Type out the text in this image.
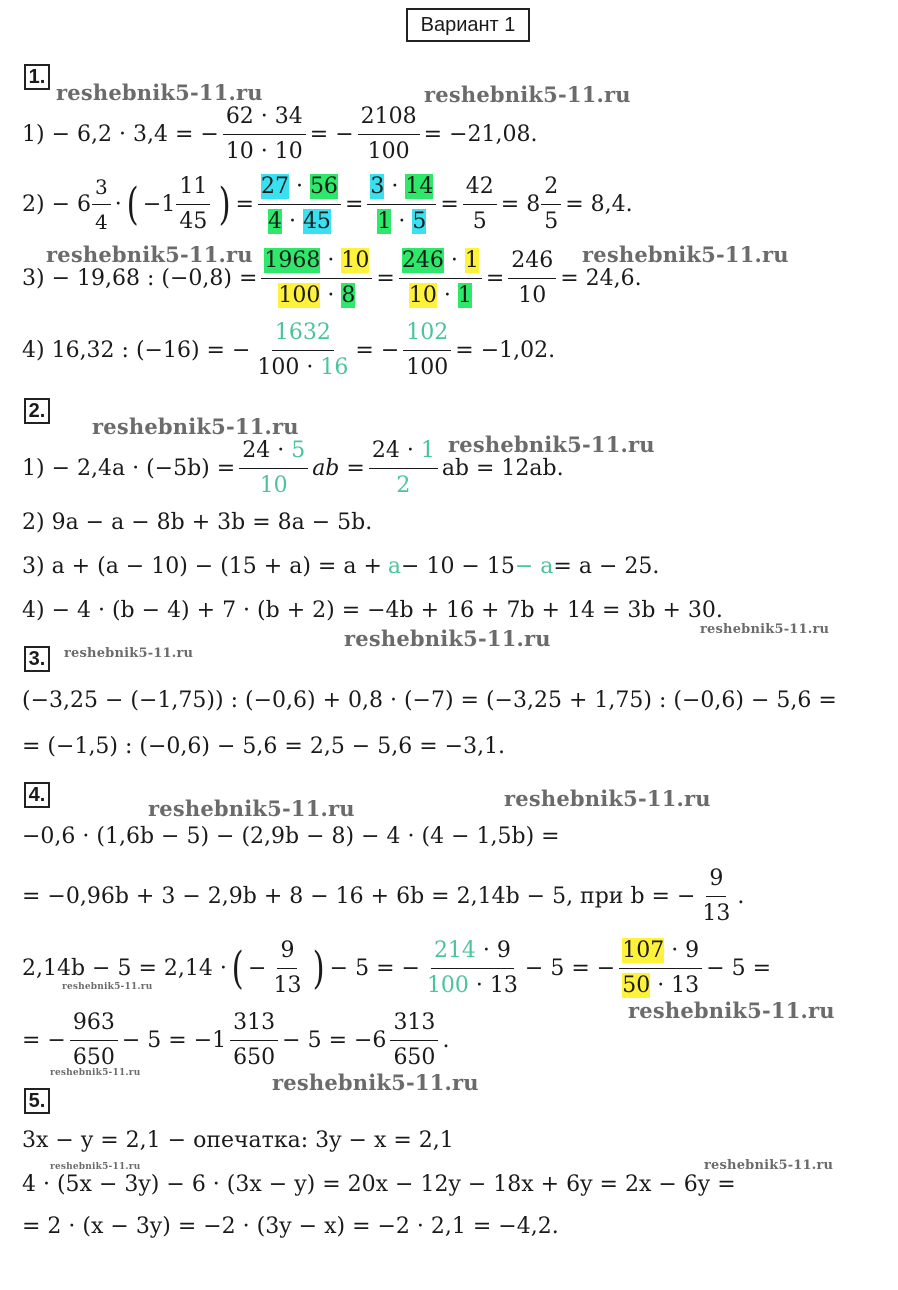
Вариант 1
1.
reshebnik5-11.ru	reshebnik5-11.ru
1) − 6,2 · 3,4 = − $\frac{62 \cdot 34}{10 \cdot 10}$ = − $\frac{2108}{100} = -21,08$.
$2) - 6 \frac{3}{4}$ · ( $-1 \frac{11}{45}$ ) = $\frac{27 \cdot 56}{4 \cdot 45} = \frac{3 \cdot 14}{1 \cdot 5} = \frac{42}{5}$ =
$8 \frac{2}{5} = 8,4$.
reshebnik5-11.ru	reshebnik5-11.ru
3) − 19,68 : $(-0,8) = \frac{1968 \cdot 10}{100 \cdot 8} = \frac{246 \cdot 1}{10 \cdot 1} = \frac{246}{10} = 24,6$.
4) 16,32 : (−16) = − $\frac{1632}{100 \cdot 16}$ = − $\frac{102}{100} = -1,02$.
2.
reshebnik5-11.ru
reshebnik5-11.ru
$1) - 2,4a \cdot (-5b) = \frac{24 \cdot 5}{10}$ ab = $\frac{24 \cdot 1}{2}$ ab = 12ab.
2) 9a − a − 8b + 3b = 8a − 5b.
3) a + (a − 10) − (15 + a) = a + a − 10 − 15 − a = a − 25.
4) − 4 · (b − 4) + 7 · (b + 2) = −4b + 16 + 7b + 14 = 3b + 30.
reshebnik5-11.ru
3.	reshebnik5-11.ru
reshebnik5-11.ru
(−3,25 − (−1,75)) : (−0,6) + 0,8 · (−7) = (−3,25 + 1,75) : (−0,6) − 5,6 =
= (−1,5) : (−0,6) − 5,6 = 2,5 − 5,6 = −3,1.
4.
reshebnik5-11.ru	reshebnik5-11.ru
−0,6 · (1,6b − 5) − (2,9b − 8) − 4 · (4 − 1,5b) =
= −0,96b + 3 − 2,9b + 8 − 16 + 6b = 2,14b − 5, при b = − $\frac{9}{13}$ .
reshebnik5-11.ru
2,14b − 5 = 2,14 · ( − $\frac{9}{13}$ ) − 5 = − $\frac{214 \cdot 9}{100 \cdot 13} - 5$ = − $\frac{107 \cdot 9}{50 \cdot 13} - 5$ =
reshebnik5-11.ru
= − $\frac{963}{650} - 5 = -1 \frac{313}{650} - 5 = -6 \frac{313}{650}$ .
reshebnik5-11.ru	reshebnik5-11.ru
5.
3x − y = 2,1 − опечатка: 3y − x = 2,1
reshebnik5-11.ru	reshebnik5-11.ru
4 · (5x − 3y) − 6 · (3x − y) = 20x − 12y − 18x + 6y = 2x − 6y =
= 2 · (x − 3y) = −2 · (3y − x) = −2 · 2,1 = −4,2.
